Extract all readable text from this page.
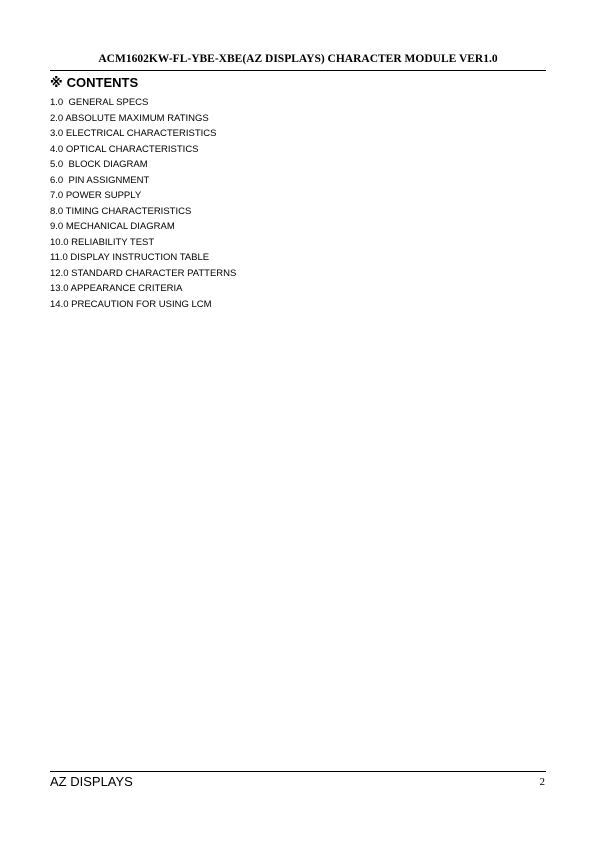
ACM1602KW-FL-YBE-XBE(AZ DISPLAYS) CHARACTER MODULE VER1.0
※ CONTENTS
1.0  GENERAL SPECS
2.0 ABSOLUTE MAXIMUM RATINGS
3.0 ELECTRICAL CHARACTERISTICS
4.0 OPTICAL CHARACTERISTICS
5.0  BLOCK DIAGRAM
6.0  PIN ASSIGNMENT
7.0 POWER SUPPLY
8.0 TIMING CHARACTERISTICS
9.0 MECHANICAL DIAGRAM
10.0 RELIABILITY TEST
11.0 DISPLAY INSTRUCTION TABLE
12.0 STANDARD CHARACTER PATTERNS
13.0 APPEARANCE CRITERIA
14.0 PRECAUTION FOR USING LCM
AZ DISPLAYS	2
